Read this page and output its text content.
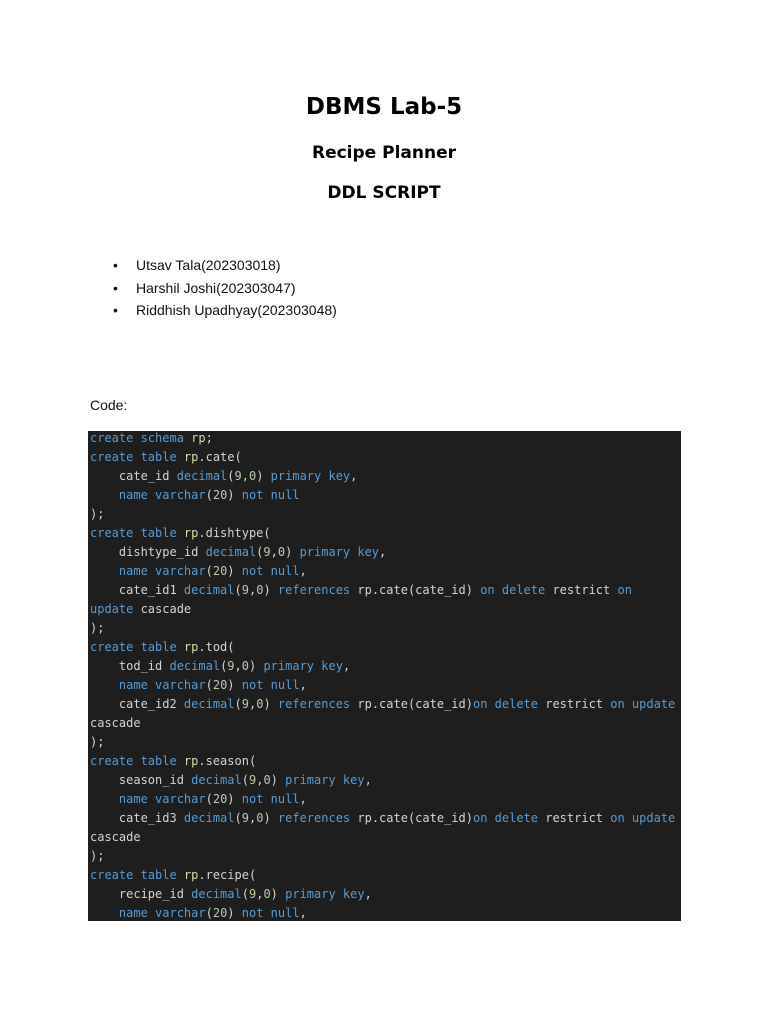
DBMS Lab-5
Recipe Planner
DDL SCRIPT
• Utsav Tala(202303018)
• Harshil Joshi(202303047)
• Riddhish Upadhyay(202303048)

Code:

create schema rp;
create table rp.cate(
cate_id decimal(9,0) primary key,
name varchar(20) not null
);
create table rp.dishtype(
dishtype_id decimal(9,0) primary key,
name varchar(20) not null,
cate_id1 decimal(9,0) references rp.cate(cate_id) on delete restrict on
update cascade
);
create table rp.tod(
tod_id decimal(9,0) primary key,
name varchar(20) not null,
cate_id2 decimal(9,0) references rp.cate(cate_id)on delete restrict on update
cascade
);
create table rp.season(
season_id decimal(9,0) primary key,
name varchar(20) not null,
cate_id3 decimal(9,0) references rp.cate(cate_id)on delete restrict on update
cascade
);
create table rp.recipe(
recipe_id decimal(9,0) primary key,
name varchar(20) not null,
